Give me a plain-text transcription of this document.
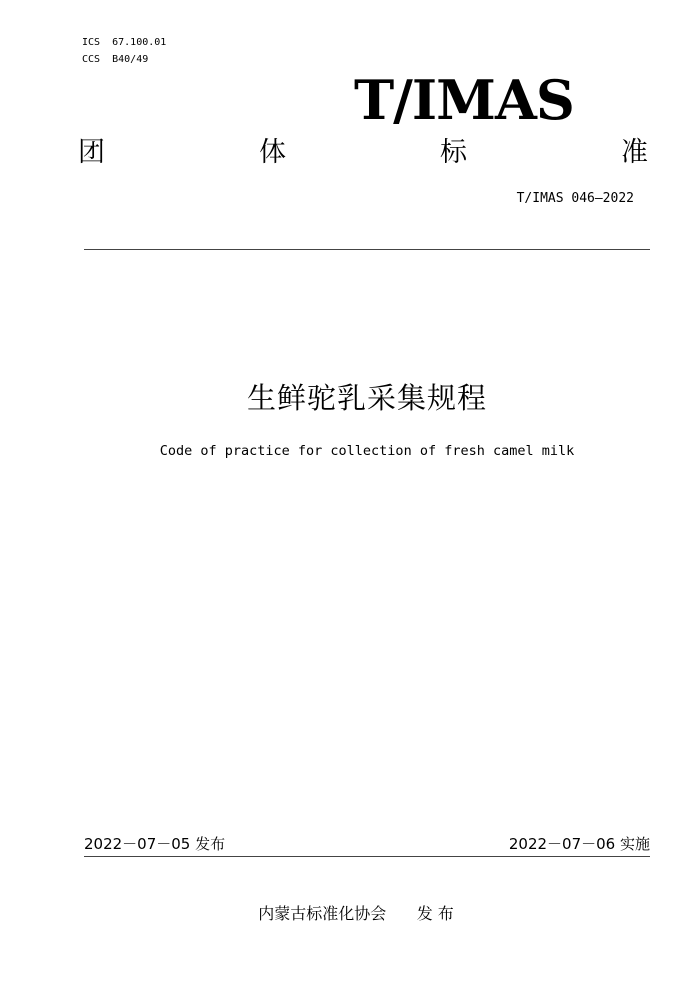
ICS 67.100.01
CCS B40/49
T/IMAS
团	体	标	准
T/IMAS 046—2022
生鲜驼乳采集规程
Code of practice for collection of fresh camel milk
2022－07－05 发布	2022－07－06 实施
内蒙古标准化协会 发 布
